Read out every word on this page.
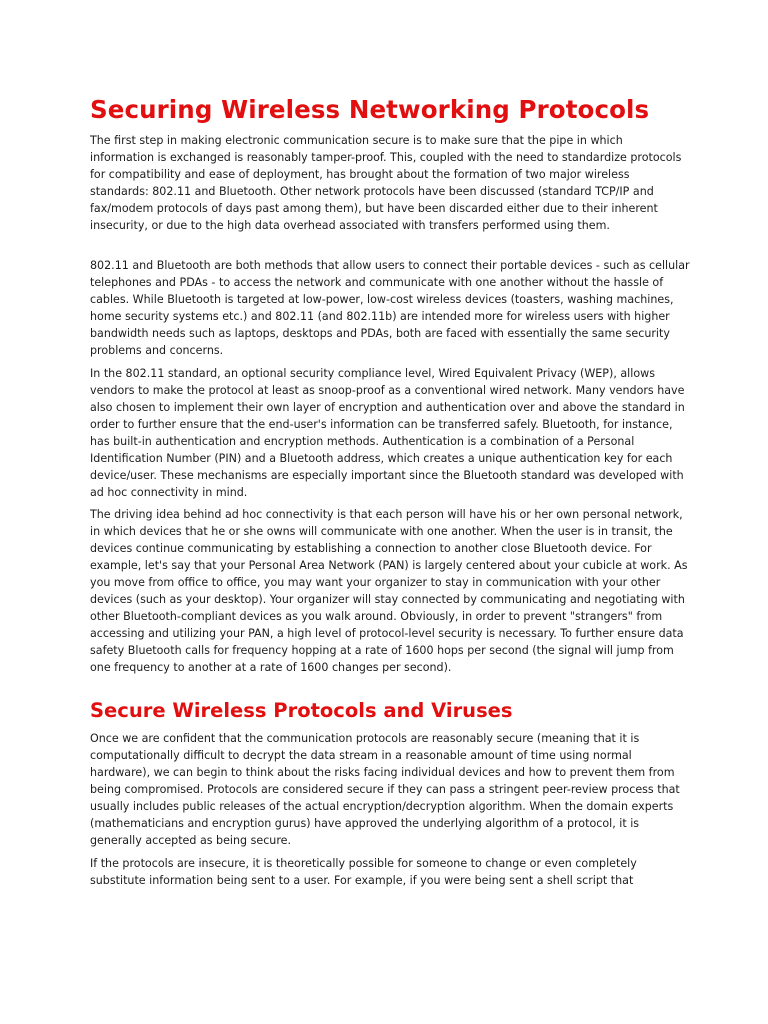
Securing Wireless Networking Protocols

The first step in making electronic communication secure is to make sure that the pipe in which information is exchanged is reasonably tamper-proof. This, coupled with the need to standardize protocols for compatibility and ease of deployment, has brought about the formation of two major wireless standards: 802.11 and Bluetooth. Other network protocols have been discussed (standard TCP/IP and fax/modem protocols of days past among them), but have been discarded either due to their inherent insecurity, or due to the high data overhead associated with transfers performed using them.

802.11 and Bluetooth are both methods that allow users to connect their portable devices - such as cellular telephones and PDAs - to access the network and communicate with one another without the hassle of cables. While Bluetooth is targeted at low-power, low-cost wireless devices (toasters, washing machines, home security systems etc.) and 802.11 (and 802.11b) are intended more for wireless users with higher bandwidth needs such as laptops, desktops and PDAs, both are faced with essentially the same security problems and concerns.

In the 802.11 standard, an optional security compliance level, Wired Equivalent Privacy (WEP), allows vendors to make the protocol at least as snoop-proof as a conventional wired network. Many vendors have also chosen to implement their own layer of encryption and authentication over and above the standard in order to further ensure that the end-user's information can be transferred safely. Bluetooth, for instance, has built-in authentication and encryption methods. Authentication is a combination of a Personal Identification Number (PIN) and a Bluetooth address, which creates a unique authentication key for each device/user. These mechanisms are especially important since the Bluetooth standard was developed with ad hoc connectivity in mind.

The driving idea behind ad hoc connectivity is that each person will have his or her own personal network, in which devices that he or she owns will communicate with one another. When the user is in transit, the devices continue communicating by establishing a connection to another close Bluetooth device. For example, let's say that your Personal Area Network (PAN) is largely centered about your cubicle at work. As you move from office to office, you may want your organizer to stay in communication with your other devices (such as your desktop). Your organizer will stay connected by communicating and negotiating with other Bluetooth-compliant devices as you walk around. Obviously, in order to prevent "strangers" from accessing and utilizing your PAN, a high level of protocol-level security is necessary. To further ensure data safety Bluetooth calls for frequency hopping at a rate of 1600 hops per second (the signal will jump from one frequency to another at a rate of 1600 changes per second).

Secure Wireless Protocols and Viruses

Once we are confident that the communication protocols are reasonably secure (meaning that it is computationally difficult to decrypt the data stream in a reasonable amount of time using normal hardware), we can begin to think about the risks facing individual devices and how to prevent them from being compromised. Protocols are considered secure if they can pass a stringent peer-review process that usually includes public releases of the actual encryption/decryption algorithm. When the domain experts (mathematicians and encryption gurus) have approved the underlying algorithm of a protocol, it is generally accepted as being secure.

If the protocols are insecure, it is theoretically possible for someone to change or even completely substitute information being sent to a user. For example, if you were being sent a shell script that
